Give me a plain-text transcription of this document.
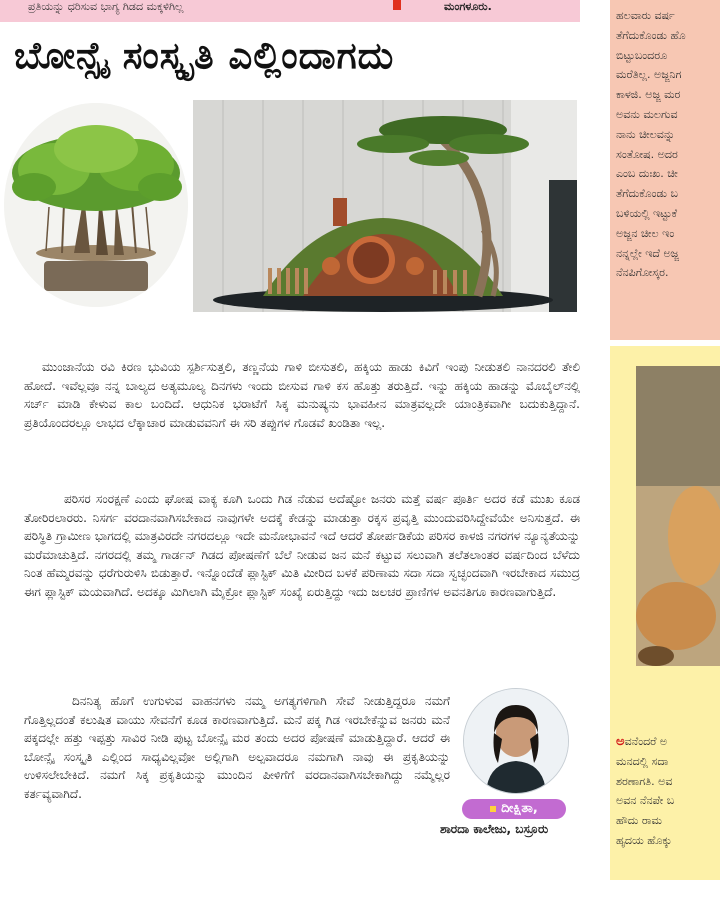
ಪ್ರತಿಯನ್ನು ಧರಿಸುವ ಭಾಗ್ಯ ಗಿಡದ ಮಕ್ಕಳಿಗಿಲ್ಲ	ಮಂಗಳೂರು.
ಬೋನ್ಸೈ ಸಂಸ್ಕೃತಿ ಎಲ್ಲಿಂದಾಗದು

ಮುಂಜಾನೆಯ ರವಿ ಕಿರಣ ಭುವಿಯ ಸ್ಪರ್ಶಿಸುತ್ತಲಿ, ತಣ್ಣನೆಯ ಗಾಳಿ ಬೀಸುತಲಿ, ಹಕ್ಕಿಯ ಹಾಡು ಕಿವಿಗೆ ಇಂಪು ನೀಡುತಲಿ ನಾನದರಲಿ ತೇಲಿ ಹೋದೆ. ಇವೆಲ್ಲವೂ ನನ್ನ ಬಾಲ್ಯದ ಅತ್ಯಮೂಲ್ಯ ದಿನಗಳು ಇಂದು ಬೀಸುವ ಗಾಳಿ ಕಸ ಹೊತ್ತು ತರುತ್ತಿದೆ. ಇನ್ನು ಹಕ್ಕಿಯ ಹಾಡನ್ನು ಮೊಬೈಲ್‌ನಲ್ಲಿ ಸರ್ಚ್ ಮಾಡಿ ಕೇಳುವ ಕಾಲ ಬಂದಿದೆ. ಆಧುನಿಕ ಭರಾಟೆಗೆ ಸಿಕ್ಕ ಮನುಷ್ಯನು ಭಾವಹೀನ ಮಾತ್ರವಲ್ಲದೇ ಯಾಂತ್ರಿಕವಾಗೀ ಬದುಕುತ್ತಿದ್ದಾನೆ. ಪ್ರತಿಯೊಂದರಲ್ಲೂ ಲಾಭದ ಲೆಕ್ಕಾಚಾರ ಮಾಡುವವನಿಗೆ ಈ ಸರಿ ತಪ್ಪುಗಳ ಗೊಡವೆ ಖಂಡಿತಾ ಇಲ್ಲ.

ಪರಿಸರ ಸಂರಕ್ಷಣೆ ಎಂದು ಘೋಷ ವಾಕ್ಯ ಕೂಗಿ ಒಂದು ಗಿಡ ನೆಡುವ ಅದೆಷ್ಟೋ ಜನರು ಮತ್ತೆ ವರ್ಷ ಪೂರ್ತಿ ಅದರ ಕಡೆ ಮುಖ ಕೂಡ ತೋರಿರಲಾರರು. ನಿಸರ್ಗ ವರದಾನವಾಗಿಸಬೇಕಾದ ನಾವುಗಳೇ ಅದಕ್ಕೆ ಕೇಡನ್ನು ಮಾಡುತ್ತಾ ರಕ್ಕಸ ಪ್ರವೃತ್ತಿ ಮುಂದುವರಿಸಿದ್ದೇವೆಯೇ ಅನಿಸುತ್ತದೆ. ಈ ಪರಿಸ್ಥಿತಿ ಗ್ರಾಮೀಣ ಭಾಗದಲ್ಲಿ ಮಾತ್ರವಿರದೇ ನಗರದಲ್ಲೂ ಇದೇ ಮನೋಭಾವನೆ ಇದೆ ಆದರೆ ತೋರ್ಪಡಿಕೆಯ ಪರಿಸರ ಕಾಳಜಿ ನಗರಗಳ ನ್ಯೂನ್ಯತೆಯನ್ನು ಮರೆಮಾಚುತ್ತಿದೆ. ನಗರದಲ್ಲಿ ತಮ್ಮ ಗಾರ್ಡನ್ ಗಿಡದ ಪೋಷಣೆಗೆ ಬೆಲೆ ನೀಡುವ ಜನ ಮನೆ ಕಟ್ಟುವ ಸಲುವಾಗಿ ತಲೆತಲಾಂತರ ವರ್ಷದಿಂದ ಬೆಳೆದು ನಿಂತ ಹೆಮ್ಮರವನ್ನು ಧರೆಗುರುಳಿಸಿ ಬಿಡುತ್ತಾರೆ. ಇನ್ನೊಂದೆಡೆ ಪ್ಲಾಸ್ಟಿಕ್ ಮಿತಿ ಮೀರಿದ ಬಳಕೆ ಪರಿಣಾಮ ಸದಾ ಸದಾ ಸ್ವಚ್ಛಂದವಾಗಿ ಇರಬೇಕಾದ ಸಮುದ್ರ ಈಗ ಪ್ಲಾಸ್ಟಿಕ್ ಮಯವಾಗಿದೆ. ಅದಕ್ಕೂ ಮಿಗಿಲಾಗಿ ಮೈಕ್ರೋ ಪ್ಲಾಸ್ಟಿಕ್ ಸಂಖ್ಯೆ ಏರುತ್ತಿದ್ದು ಇದು ಜಲಚರ ಪ್ರಾಣಿಗಳ ಅವನತಿಗೂ ಕಾರಣವಾಗುತ್ತಿದೆ.

ದಿನನಿತ್ಯ ಹೊಗೆ ಉಗುಳುವ ವಾಹನಗಳು ನಮ್ಮ ಅಗತ್ಯಗಳಿಗಾಗಿ ಸೇವೆ ನೀಡುತ್ತಿದ್ದರೂ ನಮಗೆ ಗೊತ್ತಿಲ್ಲದಂತೆ ಕಲುಷಿತ ವಾಯು ಸೇವನೆಗೆ ಕೂಡ ಕಾರಣವಾಗುತ್ತಿದೆ. ಮನೆ ಪಕ್ಕ ಗಿಡ ಇರಬೇಕೆನ್ನುವ ಜನರು ಮನೆ ಪಕ್ಕದಲ್ಲೇ ಹತ್ತು ಇಪ್ಪತ್ತು ಸಾವಿರ ನೀಡಿ ಪುಟ್ಟ ಬೋನ್ಸೈ ಮರ ತಂದು ಅದರ ಪೋಷಣೆ ಮಾಡುತ್ತಿದ್ದಾರೆ. ಆದರೆ ಈ ಬೋನ್ಸೈ ಸಂಸ್ಕೃತಿ ಎಲ್ಲಿಂದ ಸಾಧ್ಯವಿಲ್ಲವೋ ಅಲ್ಲಿಗಾಗಿ ಅಲ್ಪವಾದರೂ ನಮಗಾಗಿ ನಾವು ಈ ಪ್ರಕೃತಿಯನ್ನು ಉಳಿಸಲೇಬೇಕಿದೆ. ನಮಗೆ ಸಿಕ್ಕ ಪ್ರಕೃತಿಯನ್ನು ಮುಂದಿನ ಪೀಳಿಗೆಗೆ ವರದಾನವಾಗಿಸಬೇಕಾಗಿದ್ದು ನಮ್ಮೆಲ್ಲರ ಕರ್ತವ್ಯವಾಗಿದೆ.

ದೀಕ್ಷಿತಾ,
ಶಾರದಾ ಕಾಲೇಜು, ಬಸ್ರೂರು
ಹಲವಾರು ವರ್ಷ
ತೆಗೆದುಕೊಂಡು ಹೊ
ಬಿಟ್ಟುಬಂದರೂ
ಮರೆತಿಲ್ಲ. ಅಜ್ಜನಿಗ
ಕಾಳಜಿ. ಅಜ್ಜ ಮರ
ಅವನು ಮಲಗುವ
ನಾನು ಚೀಲವನ್ನು
ಸಂತೋಷ. ಅದರ
ಎಂಬ ದುಃಖ. ಚೀ
ತೆಗೆದುಕೊಂಡು ಬ
ಬಳಿಯಲ್ಲಿ ಇಟ್ಟುಕೆ
ಅಜ್ಜನ ಚೀಲ ಇಂ
ನನ್ನಲ್ಲೇ ಇದೆ ಅಜ್ಜ
ನೆನಪಿಗೋಸ್ಕರ.
ಅವನೆಂದರೆ ಅ
ಮನದಲ್ಲಿ ಸದಾ
ಶರಣಾಗತಿ. ಅವ
ಅವನ ನೆನಪೇ ಬ
ಹೌದು ರಾಮ
ಹೃದಯ ಹೊಕ್ಕು
